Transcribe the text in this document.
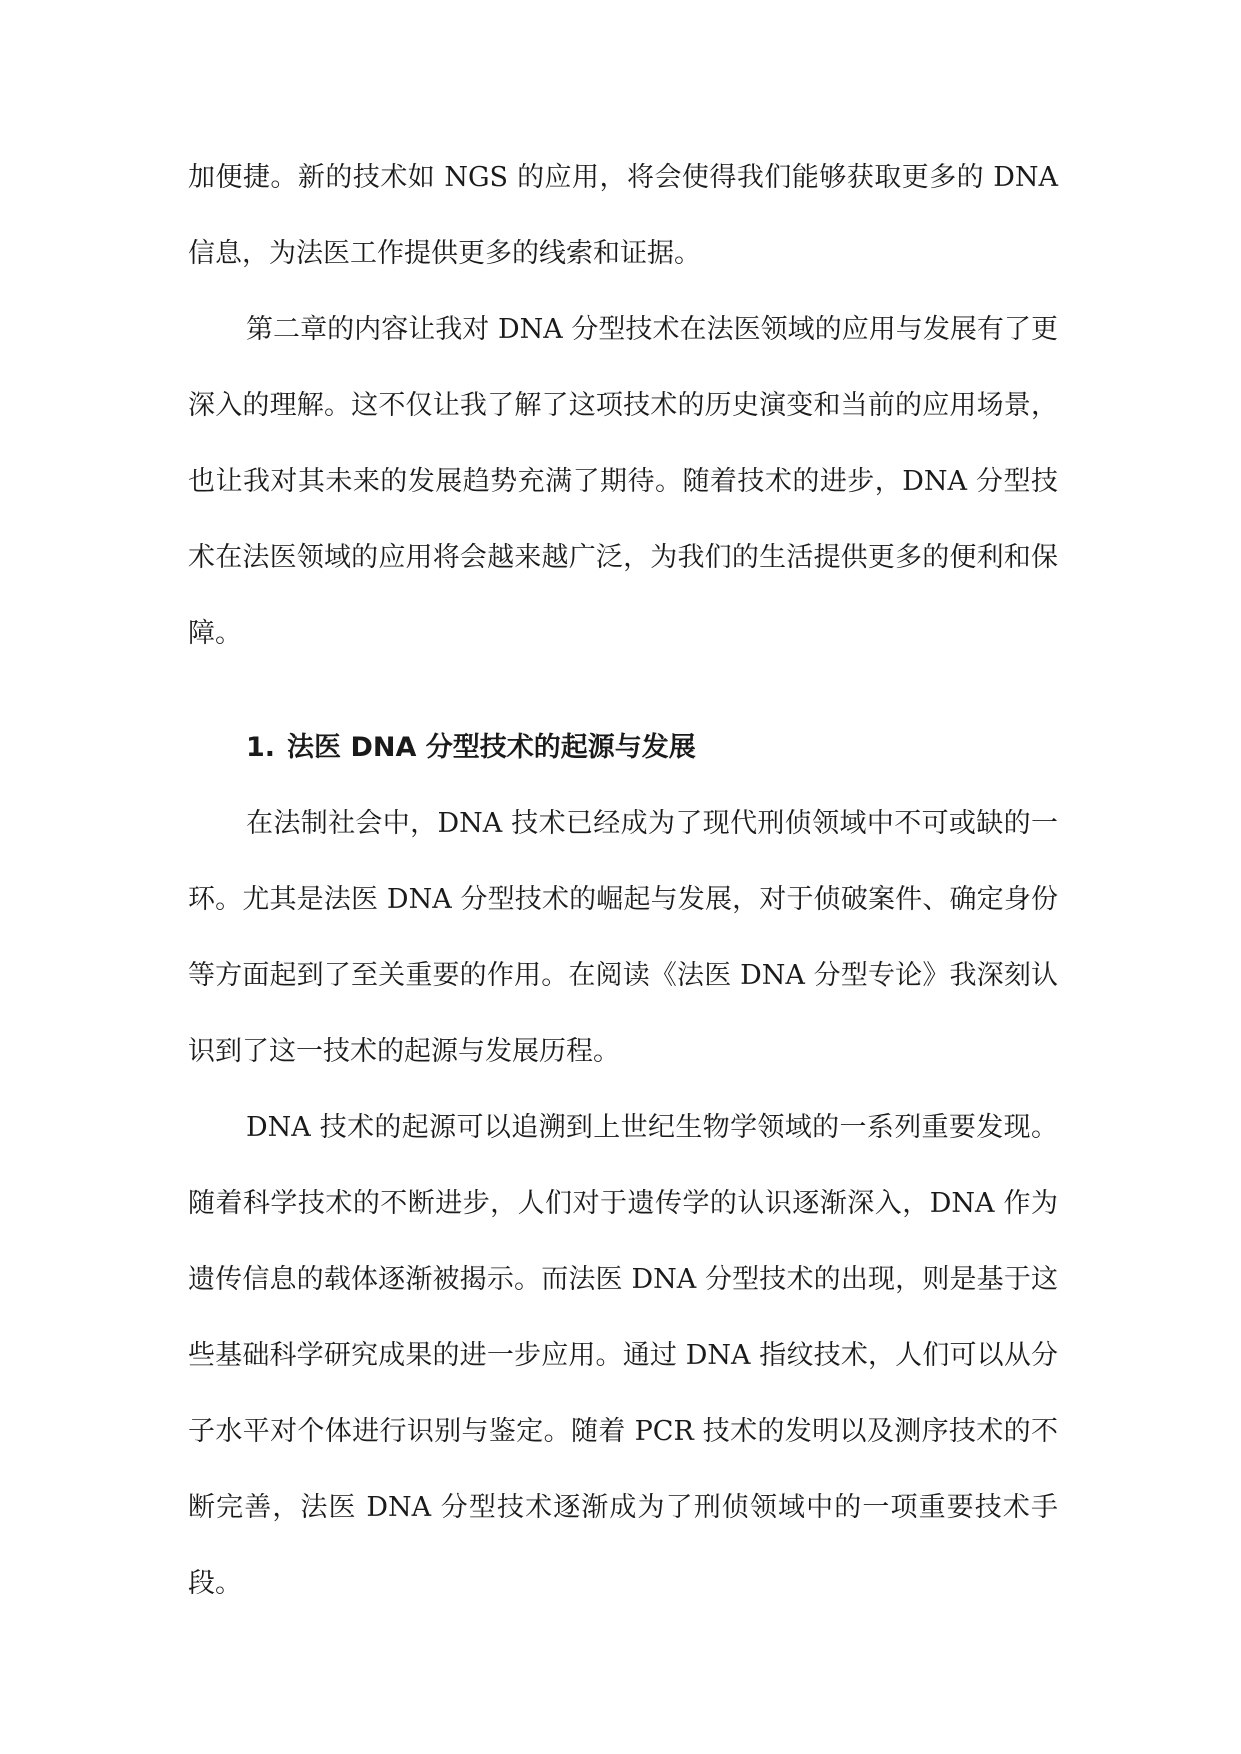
加便捷。新的技术如 NGS 的应用，将会使得我们能够获取更多的 DNA 信息，为法医工作提供更多的线索和证据。

第二章的内容让我对 DNA 分型技术在法医领域的应用与发展有了更深入的理解。这不仅让我了解了这项技术的历史演变和当前的应用场景，也让我对其未来的发展趋势充满了期待。随着技术的进步，DNA 分型技术在法医领域的应用将会越来越广泛，为我们的生活提供更多的便利和保障。

1. 法医 DNA 分型技术的起源与发展

在法制社会中，DNA 技术已经成为了现代刑侦领域中不可或缺的一环。尤其是法医 DNA 分型技术的崛起与发展，对于侦破案件、确定身份等方面起到了至关重要的作用。在阅读《法医 DNA 分型专论》我深刻认识到了这一技术的起源与发展历程。

DNA 技术的起源可以追溯到上世纪生物学领域的一系列重要发现。随着科学技术的不断进步，人们对于遗传学的认识逐渐深入，DNA 作为遗传信息的载体逐渐被揭示。而法医 DNA 分型技术的出现，则是基于这些基础科学研究成果的进一步应用。通过 DNA 指纹技术，人们可以从分子水平对个体进行识别与鉴定。随着 PCR 技术的发明以及测序技术的不断完善，法医 DNA 分型技术逐渐成为了刑侦领域中的一项重要技术手段。
